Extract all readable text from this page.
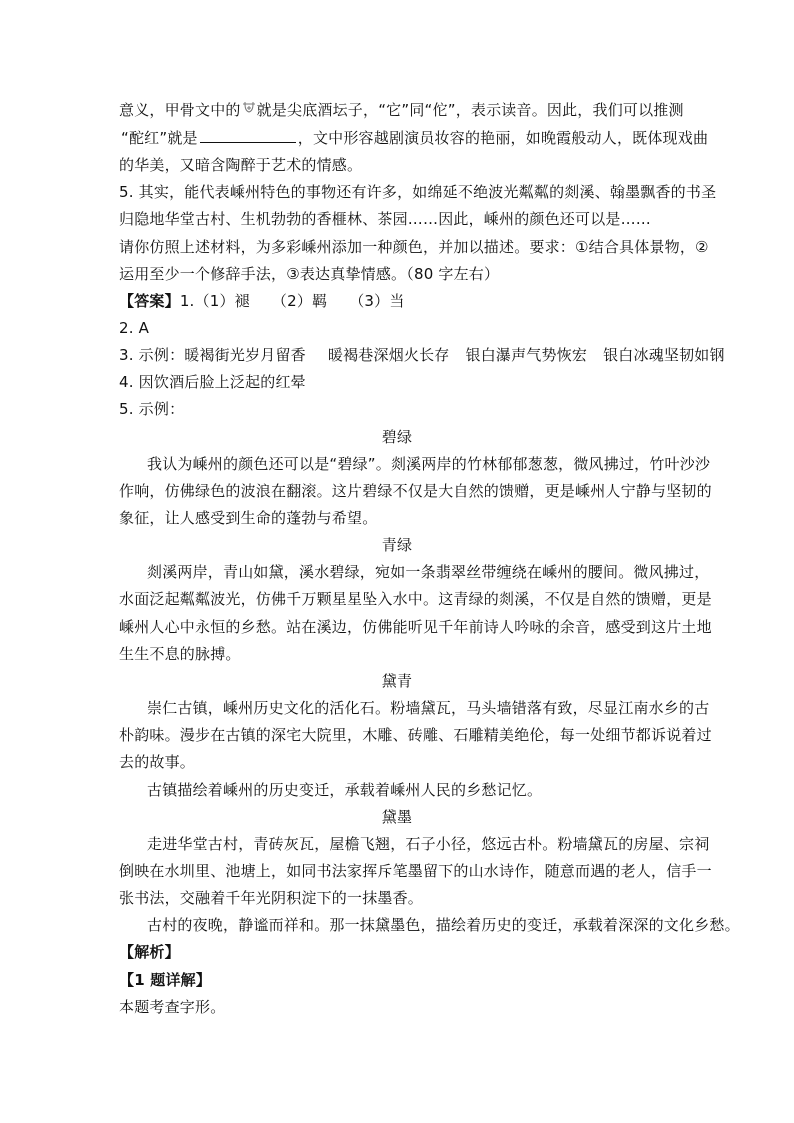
意义，甲骨文中的 就是尖底酒坛子，“它”同“佗”，表示读音。因此，我们可以推测
“酡红”就是	，文中形容越剧演员妆容的艳丽，如晚霞般动人，既体现戏曲
的华美，又暗含陶醉于艺术的情感。
5. 其实，能代表嵊州特色的事物还有许多，如绵延不绝波光粼粼的剡溪、翰墨飘香的书圣
归隐地华堂古村、生机勃勃的香榧林、茶园……因此，嵊州的颜色还可以是……
请你仿照上述材料，为多彩嵊州添加一种颜色，并加以描述。要求：①结合具体景物，②
运用至少一个修辞手法，③表达真挚情感。（80 字左右）
【答案】1.（1）褪 （2）羁 （3）当
2. A
3. 示例：暖褐街光岁月留香 暖褐巷深烟火长存 银白瀑声气势恢宏 银白冰魂坚韧如钢
4. 因饮酒后脸上泛起的红晕
5. 示例：
碧绿
我认为嵊州的颜色还可以是“碧绿”。剡溪两岸的竹林郁郁葱葱，微风拂过，竹叶沙沙
作响，仿佛绿色的波浪在翻滚。这片碧绿不仅是大自然的馈赠，更是嵊州人宁静与坚韧的
象征，让人感受到生命的蓬勃与希望。
青绿
剡溪两岸，青山如黛，溪水碧绿，宛如一条翡翠丝带缠绕在嵊州的腰间。微风拂过，
水面泛起粼粼波光，仿佛千万颗星星坠入水中。这青绿的剡溪，不仅是自然的馈赠，更是
嵊州人心中永恒的乡愁。站在溪边，仿佛能听见千年前诗人吟咏的余音，感受到这片土地
生生不息的脉搏。
黛青
崇仁古镇，嵊州历史文化的活化石。粉墙黛瓦，马头墙错落有致，尽显江南水乡的古
朴韵味。漫步在古镇的深宅大院里，木雕、砖雕、石雕精美绝伦，每一处细节都诉说着过
去的故事。
古镇描绘着嵊州的历史变迁，承载着嵊州人民的乡愁记忆。
黛墨
走进华堂古村，青砖灰瓦，屋檐飞翘，石子小径，悠远古朴。粉墙黛瓦的房屋、宗祠
倒映在水圳里、池塘上，如同书法家挥斥笔墨留下的山水诗作，随意而遇的老人，信手一
张书法，交融着千年光阴积淀下的一抹墨香。
古村的夜晚，静谧而祥和。那一抹黛墨色，描绘着历史的变迁，承载着深深的文化乡愁。
【解析】
【1 题详解】
本题考查字形。
